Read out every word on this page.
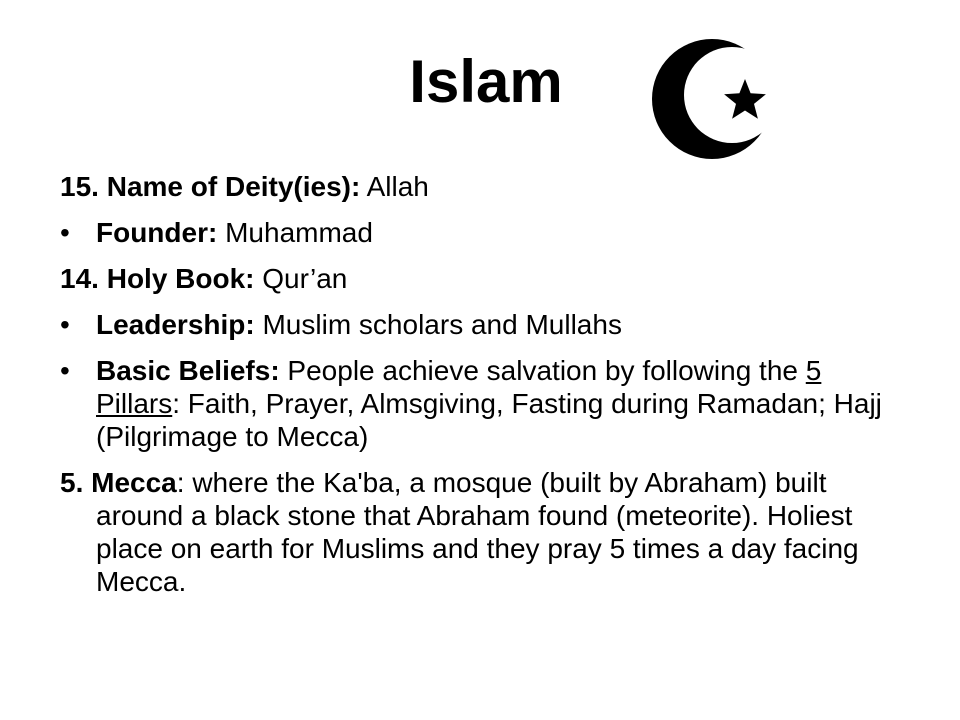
Islam
15. Name of Deity(ies): Allah
• Founder: Muhammad
14. Holy Book: Qur’an
• Leadership: Muslim scholars and Mullahs
• Basic Beliefs: People achieve salvation by following the 5 Pillars: Faith, Prayer, Almsgiving, Fasting during Ramadan; Hajj (Pilgrimage to Mecca)
5. Mecca: where the Ka'ba, a mosque (built by Abraham) built around a black stone that Abraham found (meteorite). Holiest place on earth for Muslims and they pray 5 times a day facing Mecca.
